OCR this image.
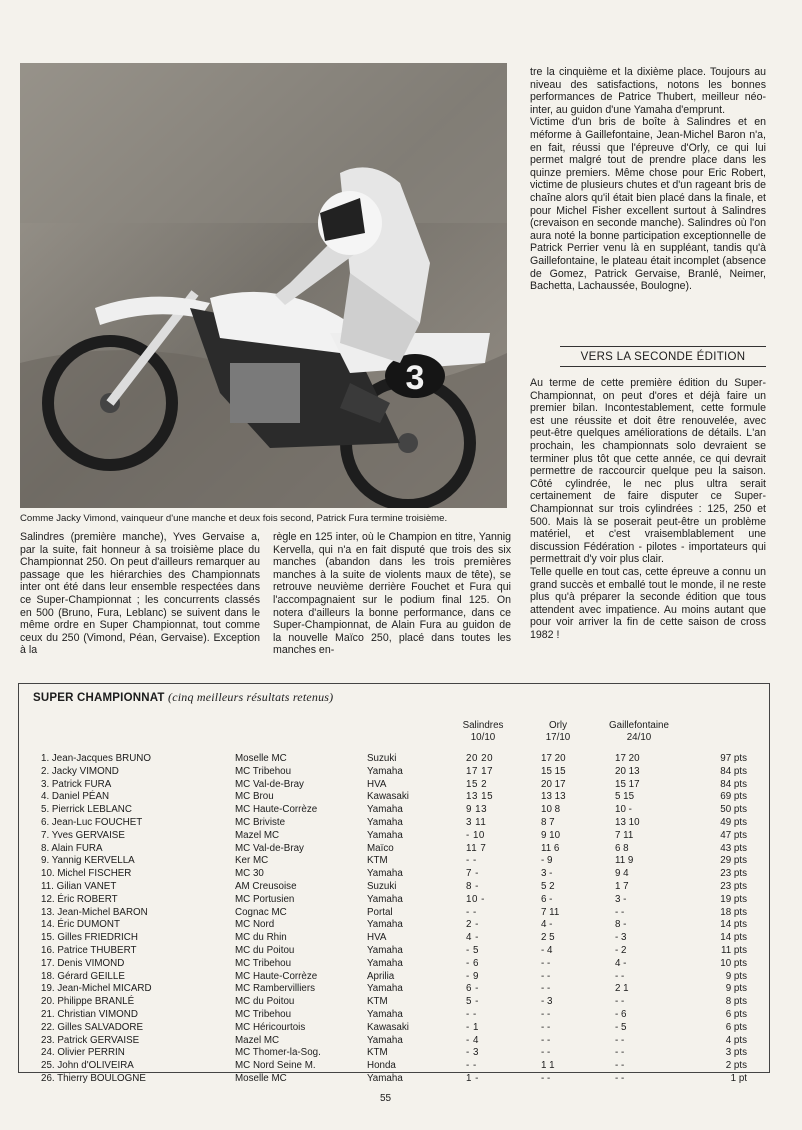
3
Comme Jacky Vimond, vainqueur d'une manche et deux fois second, Patrick Fura termine troisième.

Salindres (première manche), Yves Gervaise a, par la suite, fait honneur à sa troisième place du Championnat 250. On peut d'ailleurs remarquer au passage que les hiérarchies des Championnats inter ont été dans leur ensemble respectées dans ce Super-Championnat ; les concurrents classés en 500 (Bruno, Fura, Leblanc) se suivent dans le même ordre en Super Championnat, tout comme ceux du 250 (Vimond, Péan, Gervaise). Exception à la

règle en 125 inter, où le Champion en titre, Yannig Kervella, qui n'a en fait disputé que trois des six manches (abandon dans les trois premières manches à la suite de violents maux de tête), se retrouve neuvième derrière Fouchet et Fura qui l'accompagnaient sur le podium final 125. On notera d'ailleurs la bonne performance, dans ce Super-Championnat, de Alain Fura au guidon de la nouvelle Maïco 250, placé dans toutes les manches en-

tre la cinquième et la dixième place. Toujours au niveau des satisfactions, notons les bonnes performances de Patrice Thubert, meilleur néo-inter, au guidon d'une Yamaha d'emprunt.

Victime d'un bris de boîte à Salindres et en méforme à Gaillefontaine, Jean-Michel Baron n'a, en fait, réussi que l'épreuve d'Orly, ce qui lui permet malgré tout de prendre place dans les quinze premiers. Même chose pour Eric Robert, victime de plusieurs chutes et d'un rageant bris de chaîne alors qu'il était bien placé dans la finale, et pour Michel Fisher excellent surtout à Salindres (crevaison en seconde manche). Salindres où l'on aura noté la bonne participation exceptionnelle de Patrick Perrier venu là en suppléant, tandis qu'à Gaillefontaine, le plateau était incomplet (absence de Gomez, Patrick Gervaise, Branlé, Neimer, Bachetta, Lachaussée, Boulogne).

VERS LA SECONDE ÉDITION

Au terme de cette première édition du Super-Championnat, on peut d'ores et déjà faire un premier bilan. Incontestablement, cette formule est une réussite et doit être renouvelée, avec peut-être quelques améliorations de détails. L'an prochain, les championnats solo devraient se terminer plus tôt que cette année, ce qui devrait permettre de raccourcir quelque peu la saison. Côté cylindrée, le nec plus ultra serait certainement de faire disputer ce Super-Championnat sur trois cylindrées : 125, 250 et 500. Mais là se poserait peut-être un problème matériel, et c'est vraisemblablement une discussion Fédération - pilotes - importateurs qui permettrait d'y voir plus clair.

Telle quelle en tout cas, cette épreuve a connu un grand succès et emballé tout le monde, il ne reste plus qu'à préparer la seconde édition que tous attendent avec impatience. Au moins autant que pour voir arriver la fin de cette saison de cross 1982 !

SUPER CHAMPIONNAT (cinq meilleurs résultats retenus)
Salindres
10/10
Orly
17/10
Gaillefontaine
24/10
1. Jean-Jacques BRUNO	Moselle MC	Suzuki	20 20	17 20	17 20	97 pts
2. Jacky VIMOND	MC Tribehou	Yamaha	17 17	15 15	20 13	84 pts
3. Patrick FURA	MC Val-de-Bray	HVA	15 2	20 17	15 17	84 pts
4. Daniel PÉAN	MC Brou	Kawasaki	13 15	13 13	5 15	69 pts
5. Pierrick LEBLANC	MC Haute-Corrèze	Yamaha	9 13	10 8	10 -	50 pts
6. Jean-Luc FOUCHET	MC Briviste	Yamaha	3 11	8 7	13 10	49 pts
7. Yves GERVAISE	Mazel MC	Yamaha	- 10	9 10	7 11	47 pts
8. Alain FURA	MC Val-de-Bray	Maïco	11 7	11 6	6 8	43 pts
9. Yannig KERVELLA	Ker MC	KTM	- -	- 9	11 9	29 pts
10. Michel FISCHER	MC 30	Yamaha	7 -	3 -	9 4	23 pts
11. Gilian VANET	AM Creusoise	Suzuki	8 -	5 2	1 7	23 pts
12. Éric ROBERT	MC Portusien	Yamaha	10 -	6 -	3 -	19 pts
13. Jean-Michel BARON	Cognac MC	Portal	- -	7 11	- -	18 pts
14. Éric DUMONT	MC Nord	Yamaha	2 -	4 -	8 -	14 pts
15. Gilles FRIEDRICH	MC du Rhin	HVA	4 -	2 5	- 3	14 pts
16. Patrice THUBERT	MC du Poitou	Yamaha	- 5	- 4	- 2	11 pts
17. Denis VIMOND	MC Tribehou	Yamaha	- 6	- -	4 -	10 pts
18. Gérard GEILLE	MC Haute-Corrèze	Aprilia	- 9	- -	- -	9 pts
19. Jean-Michel MICARD	MC Rambervilliers	Yamaha	6 -	- -	2 1	9 pts
20. Philippe BRANLÉ	MC du Poitou	KTM	5 -	- 3	- -	8 pts
21. Christian VIMOND	MC Tribehou	Yamaha	- -	- -	- 6	6 pts
22. Gilles SALVADORE	MC Héricourtois	Kawasaki	- 1	- -	- 5	6 pts
23. Patrick GERVAISE	Mazel MC	Yamaha	- 4	- -	- -	4 pts
24. Olivier PERRIN	MC Thomer-la-Sog.	KTM	- 3	- -	- -	3 pts
25. John d'OLIVEIRA	MC Nord Seine M.	Honda	- -	1 1	- -	2 pts
26. Thierry BOULOGNE	Moselle MC	Yamaha	1 -	- -	- -	1 pt
55
